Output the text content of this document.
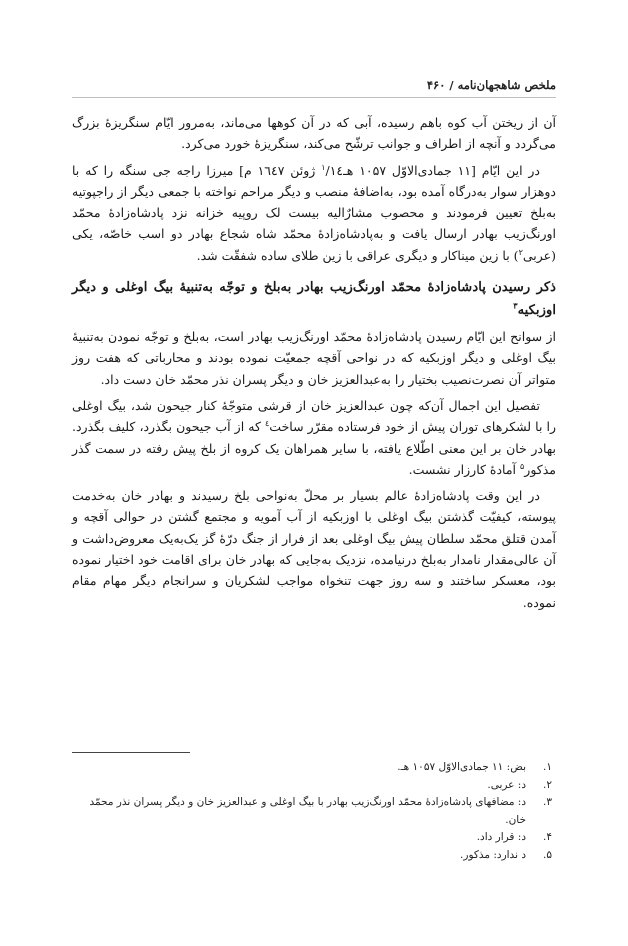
ملخص شاهجهان‌نامه / ۴۶۰

آن از ریختن آب کوه باهم رسیده، آبی که در آن کوهها می‌ماند، به‌مرور ایّام سنگریزهٔ بزرگ می‌گردد و آنچه از اطراف و جوانب ترشّح می‌کند، سنگریزهٔ خورد می‌کرد.

در این ایّام [۱۱ جمادی‌الاوّل ۱۰۵۷ هـ$^۱$/۱٤ ژوئن ۱٦٤٧ م] میرزا راجه جی سنگه را که با دوهزار سوار به‌درگاه آمده بود، به‌اضافهٔ منصب و دیگر مراحم نواخته با جمعی دیگر از راجپوتیه به‌بلخ تعیین فرمودند و محصوب مشارٌالیه بیست لک روپیه خزانه نزد پادشاه‌زادهٔ محمّد اورنگ‌زیب بهادر ارسال یافت و به‌پادشاه‌زادهٔ محمّد شاه شجاع بهادر دو اسب خاصّه، یکی (عربی$^۲$) با زین میناکار و دیگری عراقی با زین طلای ساده شفقّت شد.

ذکر رسیدن پادشاه‌زادهٔ محمّد اورنگ‌زیب بهادر به‌بلخ و توجّه به‌تنبیهٔ بیگ اوغلی و دیگر اوزبکیه$^۳$

از سوانح این ایّام رسیدن پادشاه‌زادهٔ محمّد اورنگ‌زیب بهادر است، به‌بلخ و توجّه نمودن به‌تنبیهٔ بیگ اوغلی و دیگر اوزبکیه که در نواحی آقچه جمعیّت نموده بودند و محارباتی که هفت روز متواتر آن نصرت‌نصیب بختیار را به‌عبدالعزیز خان و دیگر پسران نذر محمّد خان دست داد.

تفصیل این اجمال آن‌که چون عبدالعزیز خان از قرشی متوجّهٔ کنار جیحون شد، بیگ اوغلی را با لشکرهای توران پیش از خود فرستاده مقرّر ساخت$^٤$ که از آب جیحون بگذرد، کلیف بگذرد. بهادر خان بر این معنی اطّلاع یافته، با سایر همراهان یک کروه از بلخ پیش رفته در سمت گذر مذکور$^۵$ آمادهٔ کارزار نشست.

در این وقت پادشاه‌زادهٔ عالم بسیار بر محلّ به‌نواحی بلخ رسیدند و بهادر خان به‌خدمت پیوسته، کیفیّت گذشتن بیگ اوغلی با اوزبکیه از آب آمویه و مجتمع گشتن در حوالی آقچه و آمدن قتلق محمّد سلطان پیش بیگ اوغلی بعد از فرار از جنگ درّهٔ گز یک‌به‌یک معروض‌داشت و آن عالی‌مقدار نامدار به‌بلخ درنیامده، نزدیک به‌جایی که بهادر خان برای اقامت خود اختیار نموده بود، معسکر ساختند و سه روز جهت تنخواه مواجب لشکریان و سرانجام دیگر مهام مقام نموده.

۱.
بض: ۱۱ جمادی‌الاوّل ۱۰۵۷ هـ.
۲.
د: عربی.
۳.
د: مضافهای پادشاه‌زادهٔ محمّد اورنگ‌زیب بهادر با بیگ اوغلی و عبدالعزیز خان و دیگر پسران نذر محمّد خان.
۴.
د: قرار داد.
۵.
د ندارد: مذکور.
